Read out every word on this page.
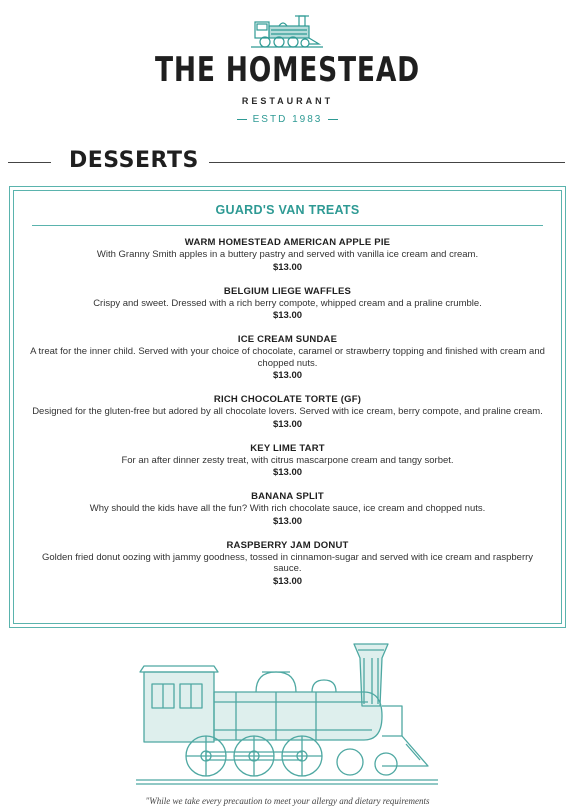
THE HOMESTEAD
RESTAURANT
ESTD 1983
DESSERTS
GUARD'S VAN TREATS
WARM HOMESTEAD AMERICAN APPLE PIE
With Granny Smith apples in a buttery pastry and served with vanilla ice cream and cream.
$13.00
BELGIUM LIEGE WAFFLES
Crispy and sweet. Dressed with a rich berry compote, whipped cream and a praline crumble.
$13.00
ICE CREAM SUNDAE
A treat for the inner child. Served with your choice of chocolate, caramel or strawberry topping and finished with cream and chopped nuts.
$13.00
RICH CHOCOLATE TORTE (GF)
Designed for the gluten-free but adored by all chocolate lovers. Served with ice cream, berry compote, and praline cream.
$13.00
KEY LIME TART
For an after dinner zesty treat, with citrus mascarpone cream and tangy sorbet.
$13.00
BANANA SPLIT
Why should the kids have all the fun? With rich chocolate sauce, ice cream and chopped nuts.
$13.00
RASPBERRY JAM DONUT
Golden fried donut oozing with jammy goodness, tossed in cinnamon-sugar and served with ice cream and raspberry sauce.
$13.00
"While we take every precaution to meet your allergy and dietary requirements
